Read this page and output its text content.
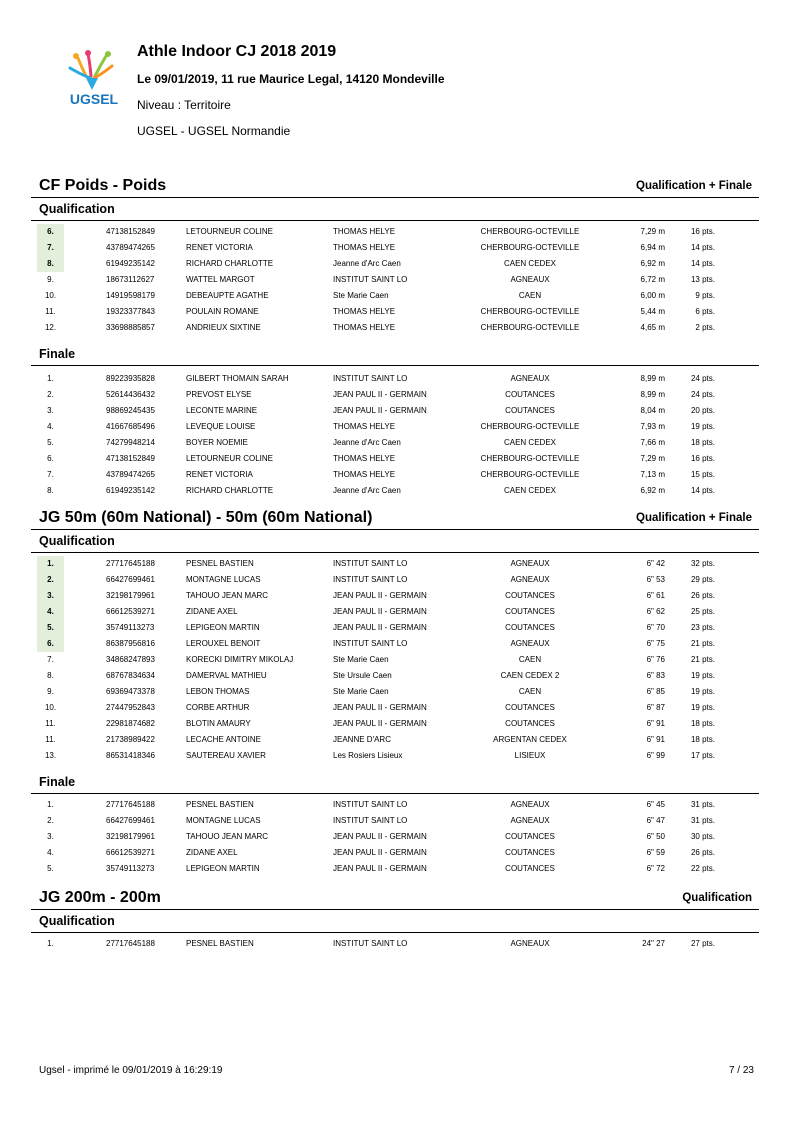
UGSEL
Athle Indoor CJ 2018 2019
Le 09/01/2019, 11 rue Maurice Legal, 14120 Mondeville
Niveau : Territoire
UGSEL - UGSEL Normandie
CF Poids - Poids	Qualification + Finale
Qualification
6.	47138152849	LETOURNEUR COLINE	THOMAS HELYE	CHERBOURG-OCTEVILLE	7,29 m	16 pts.
7.	43789474265	RENET VICTORIA	THOMAS HELYE	CHERBOURG-OCTEVILLE	6,94 m	14 pts.
8.	61949235142	RICHARD CHARLOTTE	Jeanne d'Arc Caen	CAEN CEDEX	6,92 m	14 pts.
9.	18673112627	WATTEL MARGOT	INSTITUT SAINT LO	AGNEAUX	6,72 m	13 pts.
10.	14919598179	DEBEAUPTE AGATHE	Ste Marie Caen	CAEN	6,00 m	9 pts.
11.	19323377843	POULAIN ROMANE	THOMAS HELYE	CHERBOURG-OCTEVILLE	5,44 m	6 pts.
12.	33698885857	ANDRIEUX SIXTINE	THOMAS HELYE	CHERBOURG-OCTEVILLE	4,65 m	2 pts.
Finale
1.	89223935828	GILBERT THOMAIN SARAH	INSTITUT SAINT LO	AGNEAUX	8,99 m	24 pts.
2.	52614436432	PREVOST ELYSE	JEAN PAUL II - GERMAIN	COUTANCES	8,99 m	24 pts.
3.	98869245435	LECONTE MARINE	JEAN PAUL II - GERMAIN	COUTANCES	8,04 m	20 pts.
4.	41667685496	LEVEQUE LOUISE	THOMAS HELYE	CHERBOURG-OCTEVILLE	7,93 m	19 pts.
5.	74279948214	BOYER NOEMIE	Jeanne d'Arc Caen	CAEN CEDEX	7,66 m	18 pts.
6.	47138152849	LETOURNEUR COLINE	THOMAS HELYE	CHERBOURG-OCTEVILLE	7,29 m	16 pts.
7.	43789474265	RENET VICTORIA	THOMAS HELYE	CHERBOURG-OCTEVILLE	7,13 m	15 pts.
8.	61949235142	RICHARD CHARLOTTE	Jeanne d'Arc Caen	CAEN CEDEX	6,92 m	14 pts.
JG 50m (60m National) - 50m (60m National)	Qualification + Finale
Qualification
1.	27717645188	PESNEL BASTIEN	INSTITUT SAINT LO	AGNEAUX	6" 42	32 pts.
2.	66427699461	MONTAGNE LUCAS	INSTITUT SAINT LO	AGNEAUX	6" 53	29 pts.
3.	32198179961	TAHOUO JEAN MARC	JEAN PAUL II - GERMAIN	COUTANCES	6" 61	26 pts.
4.	66612539271	ZIDANE AXEL	JEAN PAUL II - GERMAIN	COUTANCES	6" 62	25 pts.
5.	35749113273	LEPIGEON MARTIN	JEAN PAUL II - GERMAIN	COUTANCES	6" 70	23 pts.
6.	86387956816	LEROUXEL BENOIT	INSTITUT SAINT LO	AGNEAUX	6" 75	21 pts.
7.	34868247893	KORECKI DIMITRY MIKOLAJ	Ste Marie Caen	CAEN	6" 76	21 pts.
8.	68767834634	DAMERVAL MATHIEU	Ste Ursule Caen	CAEN CEDEX 2	6" 83	19 pts.
9.	69369473378	LEBON THOMAS	Ste Marie Caen	CAEN	6" 85	19 pts.
10.	27447952843	CORBE ARTHUR	JEAN PAUL II - GERMAIN	COUTANCES	6" 87	19 pts.
11.	22981874682	BLOTIN AMAURY	JEAN PAUL II - GERMAIN	COUTANCES	6" 91	18 pts.
11.	21738989422	LECACHE ANTOINE	JEANNE D'ARC	ARGENTAN CEDEX	6" 91	18 pts.
13.	86531418346	SAUTEREAU XAVIER	Les Rosiers Lisieux	LISIEUX	6" 99	17 pts.
Finale
1.	27717645188	PESNEL BASTIEN	INSTITUT SAINT LO	AGNEAUX	6" 45	31 pts.
2.	66427699461	MONTAGNE LUCAS	INSTITUT SAINT LO	AGNEAUX	6" 47	31 pts.
3.	32198179961	TAHOUO JEAN MARC	JEAN PAUL II - GERMAIN	COUTANCES	6" 50	30 pts.
4.	66612539271	ZIDANE AXEL	JEAN PAUL II - GERMAIN	COUTANCES	6" 59	26 pts.
5.	35749113273	LEPIGEON MARTIN	JEAN PAUL II - GERMAIN	COUTANCES	6" 72	22 pts.
JG 200m - 200m	Qualification
Qualification
1.	27717645188	PESNEL BASTIEN	INSTITUT SAINT LO	AGNEAUX	24" 27	27 pts.
Ugsel - imprimé le 09/01/2019 à 16:29:19	7 / 23
